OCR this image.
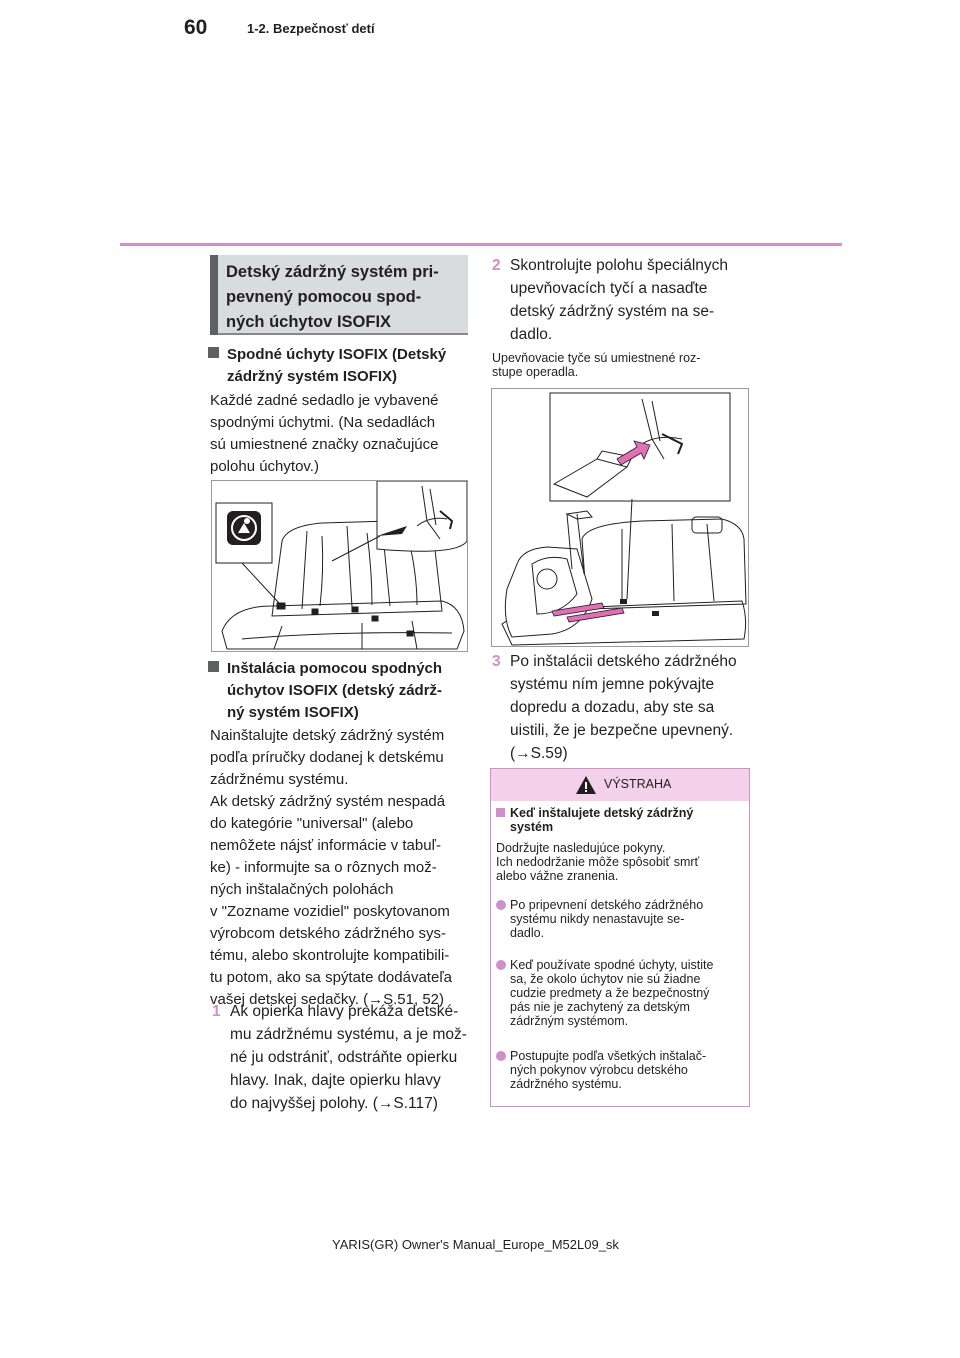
60	1-2. Bezpečnosť detí
Detský zádržný systém pri-
pevnený pomocou spod-
ných úchytov ISOFIX
Spodné úchyty ISOFIX (Detský
zádržný systém ISOFIX)
Každé zadné sedadlo je vybavené
spodnými úchytmi. (Na sedadlách
sú umiestnené značky označujúce
polohu úchytov.)
Inštalácia pomocou spodných
úchytov ISOFIX (detský zádrž-
ný systém ISOFIX)
Nainštalujte detský zádržný systém
podľa príručky dodanej k detskému
zádržnému systému.
Ak detský zádržný systém nespadá
do kategórie "universal" (alebo
nemôžete nájsť informácie v tabuľ-
ke) - informujte sa o rôznych mož-
ných inštalačných polohách
v "Zozname vozidiel" poskytovanom
výrobcom detského zádržného sys-
tému, alebo skontrolujte kompatibili-
tu potom, ako sa spýtate dodávateľa
vašej detskej sedačky. (→S.51, 52)
1 Ak opierka hlavy prekáža detské-
mu zádržnému systému, a je mož-
né ju odstrániť, odstráňte opierku
hlavy. Inak, dajte opierku hlavy
do najvyššej polohy. (→S.117)
2 Skontrolujte polohu špeciálnych
upevňovacích tyčí a nasaďte
detský zádržný systém na se-
dadlo.
Upevňovacie tyče sú umiestnené roz-
stupe operadla.
3 Po inštalácii detského zádržného
systému ním jemne pokývajte
dopredu a dozadu, aby ste sa
uistili, že je bezpečne upevnený.
(→S.59)
VÝSTRAHA
Keď inštalujete detský zádržný
systém
Dodržujte nasledujúce pokyny.
Ich nedodržanie môže spôsobiť smrť
alebo vážne zranenia.
Po pripevnení detského zádržného
systému nikdy nenastavujte se-
dadlo.
Keď používate spodné úchyty, uistite
sa, že okolo úchytov nie sú žiadne
cudzie predmety a že bezpečnostný
pás nie je zachytený za detským
zádržným systémom.
Postupujte podľa všetkých inštalač-
ných pokynov výrobcu detského
zádržného systému.
YARIS(GR) Owner's Manual_Europe_M52L09_sk
